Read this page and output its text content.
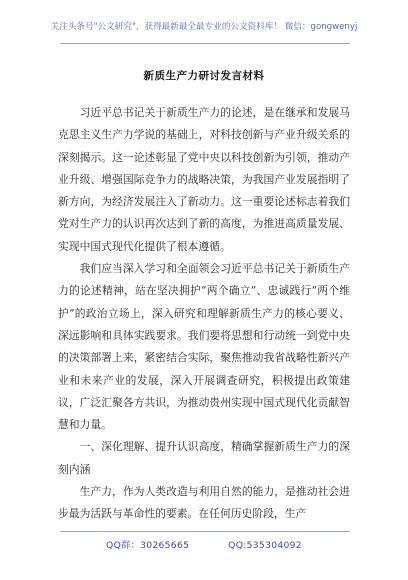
关注头条号"公文研究"，获得最新最全最专业的公文资料库！ 微信：gongwenyj
新质生产力研讨发言材料

习近平总书记关于新质生产力的论述，是在继承和发展马克思主义生产力学说的基础上，对科技创新与产业升级关系的深刻揭示。这一论述彰显了党中央以科技创新为引领，推动产业升级、增强国际竞争力的战略决策，为我国产业发展指明了新方向，为经济发展注入了新动力。这一重要论述标志着我们党对生产力的认识再次达到了新的高度，为推进高质量发展、实现中国式现代化提供了根本遵循。

我们应当深入学习和全面领会习近平总书记关于新质生产力的论述精神，站在坚决拥护“两个确立”、忠诚践行“两个维护”的政治立场上，深入研究和理解新质生产力的核心要义、深远影响和具体实践要求。我们要将思想和行动统一到党中央的决策部署上来，紧密结合实际，聚焦推动我省战略性新兴产业和未来产业的发展，深入开展调查研究，积极提出政策建议，广泛汇聚各方共识，为推动贵州实现中国式现代化贡献智慧和力量。

一、深化理解、提升认识高度，精确掌握新质生产力的深刻内涵

生产力，作为人类改造与利用自然的能力，是推动社会进步最为活跃与革命性的要素。在任何历史阶段，生产

QQ群：30265665	QQ:535304092
